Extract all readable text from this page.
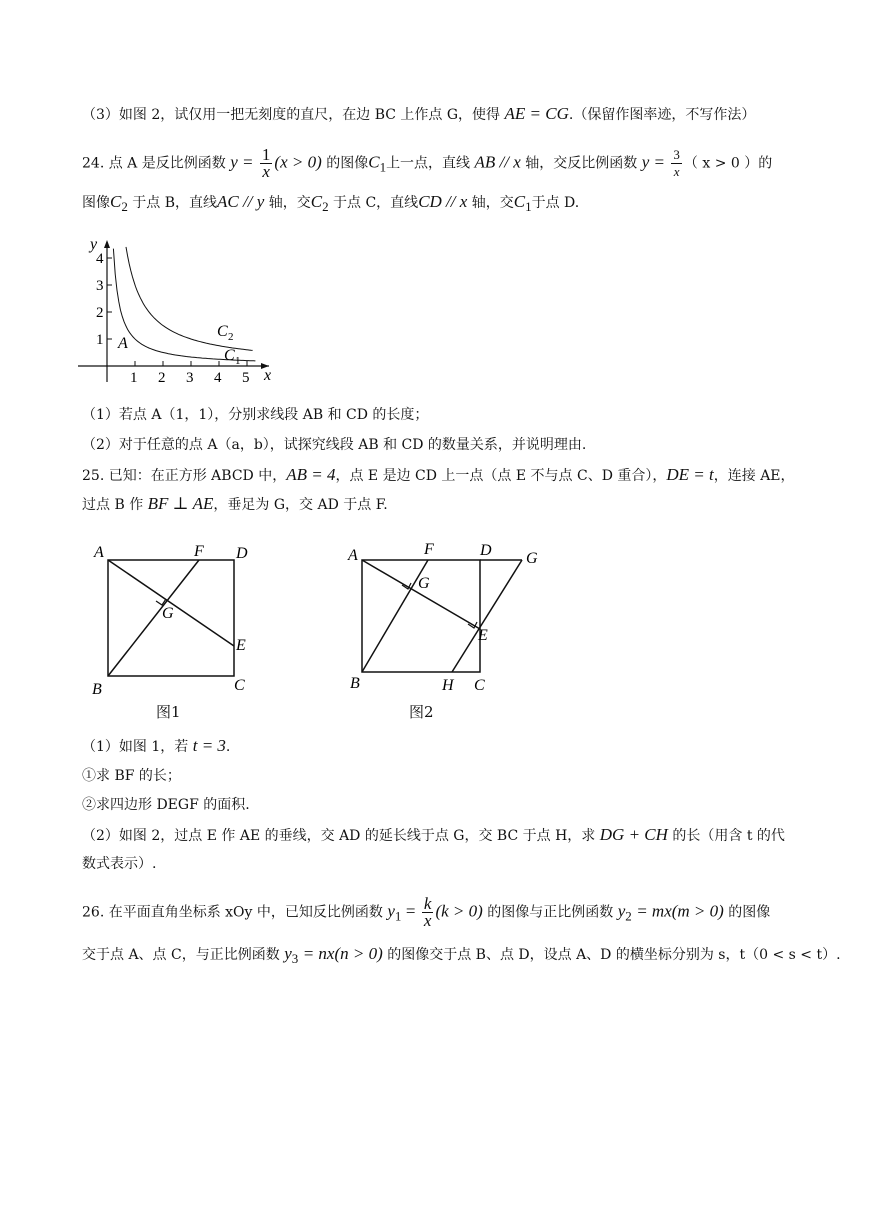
（3）如图 2，试仅用一把无刻度的直尺，在边 BC 上作点 G，使得 AE = CG.（保留作图率迹，不写作法）
24. 点 A 是反比例函数 $y = \frac{1}{x} (x > 0)$ 的图像$C_1$上一点，直线 AB // x 轴，交反比例函数 $y = \frac{3}{x}$ （ x > 0 ）的
图像$C_2$ 于点 B，直线AC // y 轴，交$C_2$ 于点 C，直线CD // x 轴，交$C_1$于点 D.
y
x
4
3
2
1
1 2 3 4 5
C 2
C 1
A
（1）若点 A（1，1），分别求线段 AB 和 CD 的长度；
（2）对于任意的点 A（a，b），试探究线段 AB 和 CD 的数量关系，并说明理由.
25. 已知：在正方形 ABCD 中，AB = 4，点 E 是边 CD 上一点（点 E 不与点 C、D 重合），DE = t，连接 AE，
过点 B 作 BF ⊥ AE，垂足为 G，交 AD 于点 F.
A	F D
G
E
B	C
图1
A	F	D G
G
E
B	H C
图2
（1）如图 1，若 t = 3.
①求 BF 的长；
②求四边形 DEGF 的面积.
（2）如图 2，过点 E 作 AE 的垂线，交 AD 的延长线于点 G，交 BC 于点 H，求 DG + CH 的长（用含 t 的代
数式表示）.
26. 在平面直角坐标系 xOy 中，已知反比例函数 $y_1 = \frac{k}{x} (k > 0)$ 的图像与正比例函数 $y_2 = mx(m > 0)$ 的图像
交于点 A、点 C，与正比例函数 $y_3 = nx(n > 0)$ 的图像交于点 B、点 D，设点 A、D 的横坐标分别为 s，t（0 < s < t）.
